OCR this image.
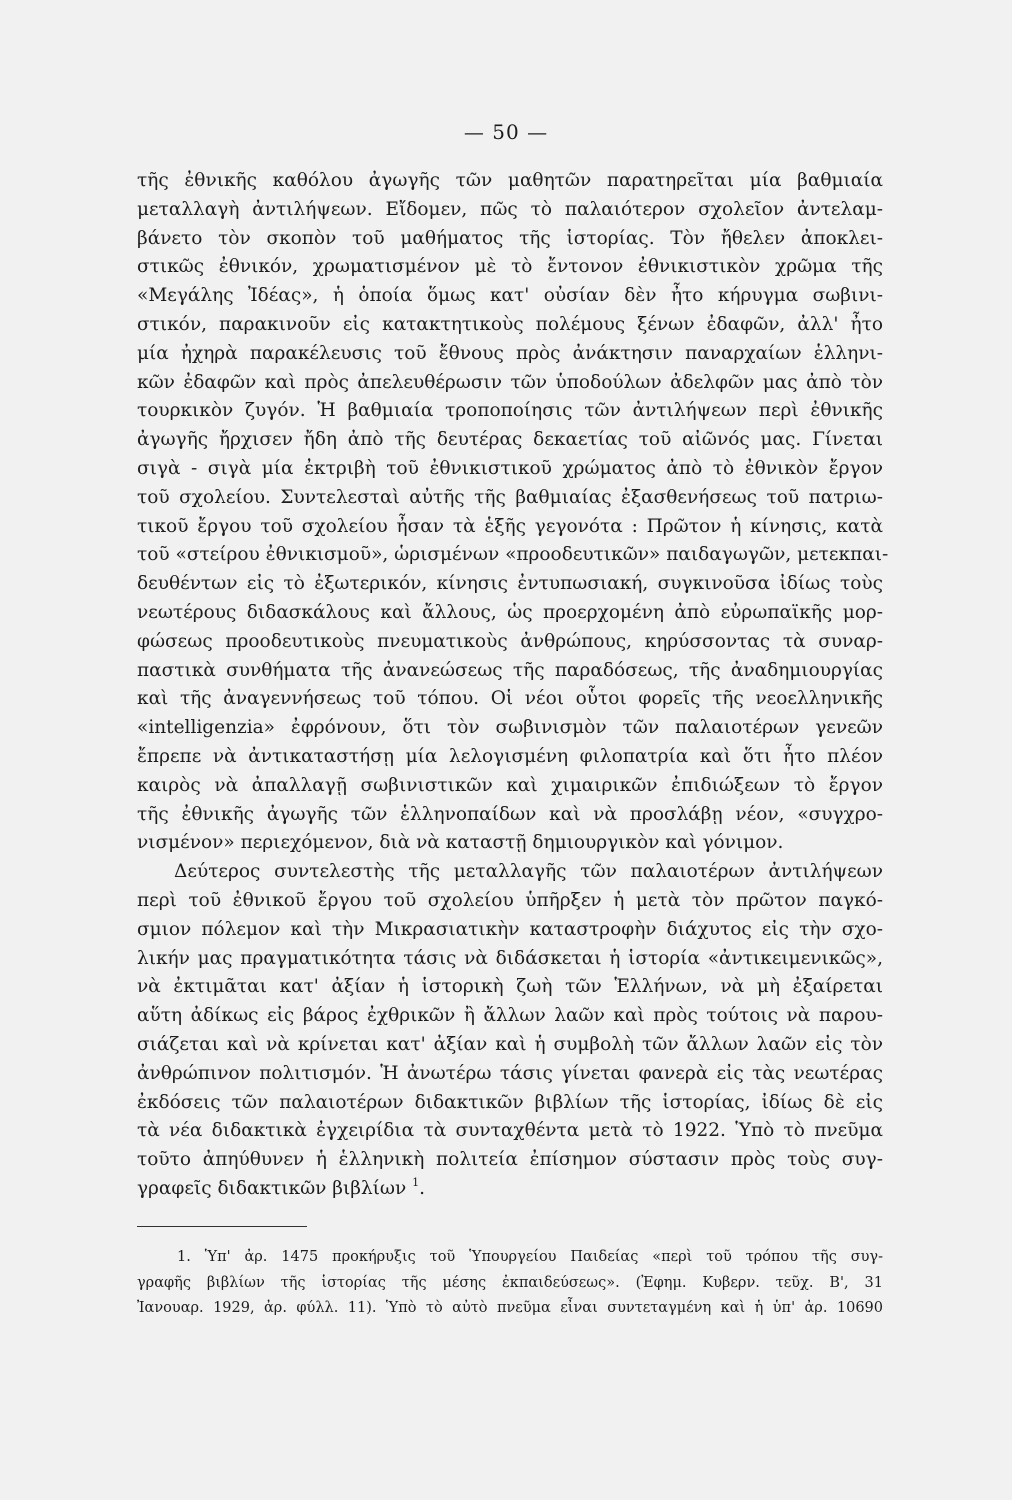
— 50 —
τῆς ἐθνικῆς καθόλου ἀγωγῆς τῶν μαθητῶν παρατηρεῖται μία βαθμιαία
μεταλλαγὴ ἀντιλήψεων. Εἴδομεν, πῶς τὸ παλαιότερον σχολεῖον ἀντελαμ-
βάνετο τὸν σκοπὸν τοῦ μαθήματος τῆς ἱστορίας. Τὸν ἤθελεν ἀποκλει-
στικῶς ἐθνικόν, χρωματισμένον μὲ τὸ ἔντονον ἐθνικιστικὸν χρῶμα τῆς
«Μεγάλης Ἰδέας», ἡ ὁποία ὅμως κατ' οὐσίαν δὲν ἦτο κήρυγμα σωβινι-
στικόν, παρακινοῦν εἰς κατακτητικοὺς πολέμους ξένων ἐδαφῶν, ἀλλ' ἦτο
μία ἠχηρὰ παρακέλευσις τοῦ ἔθνους πρὸς ἀνάκτησιν παναρχαίων ἑλληνι-
κῶν ἐδαφῶν καὶ πρὸς ἀπελευθέρωσιν τῶν ὑποδούλων ἀδελφῶν μας ἀπὸ τὸν
τουρκικὸν ζυγόν. Ἡ βαθμιαία τροποποίησις τῶν ἀντιλήψεων περὶ ἐθνικῆς
ἀγωγῆς ἤρχισεν ἤδη ἀπὸ τῆς δευτέρας δεκαετίας τοῦ αἰῶνός μας. Γίνεται
σιγὰ - σιγὰ μία ἐκτριβὴ τοῦ ἐθνικιστικοῦ χρώματος ἀπὸ τὸ ἐθνικὸν ἔργον
τοῦ σχολείου. Συντελεσταὶ αὐτῆς τῆς βαθμιαίας ἐξασθενήσεως τοῦ πατριω-
τικοῦ ἔργου τοῦ σχολείου ἦσαν τὰ ἑξῆς γεγονότα : Πρῶτον ἡ κίνησις, κατὰ
τοῦ «στείρου ἐθνικισμοῦ», ὡρισμένων «προοδευτικῶν» παιδαγωγῶν, μετεκπαι-
δευθέντων εἰς τὸ ἐξωτερικόν, κίνησις ἐντυπωσιακή, συγκινοῦσα ἰδίως τοὺς
νεωτέρους διδασκάλους καὶ ἄλλους, ὡς προερχομένη ἀπὸ εὐρωπαϊκῆς μορ-
φώσεως προοδευτικοὺς πνευματικοὺς ἀνθρώπους, κηρύσσοντας τὰ συναρ-
παστικὰ συνθήματα τῆς ἀνανεώσεως τῆς παραδόσεως, τῆς ἀναδημιουργίας
καὶ τῆς ἀναγεννήσεως τοῦ τόπου. Οἱ νέοι οὗτοι φορεῖς τῆς νεοελληνικῆς
«intelligenzia» ἐφρόνουν, ὅτι τὸν σωβινισμὸν τῶν παλαιοτέρων γενεῶν
ἔπρεπε νὰ ἀντικαταστήσῃ μία λελογισμένη φιλοπατρία καὶ ὅτι ἦτο πλέον
καιρὸς νὰ ἀπαλλαγῇ σωβινιστικῶν καὶ χιμαιρικῶν ἐπιδιώξεων τὸ ἔργον
τῆς ἐθνικῆς ἀγωγῆς τῶν ἑλληνοπαίδων καὶ νὰ προσλάβῃ νέον, «συγχρο-
νισμένον» περιεχόμενον, διὰ νὰ καταστῇ δημιουργικὸν καὶ γόνιμον.
Δεύτερος συντελεστὴς τῆς μεταλλαγῆς τῶν παλαιοτέρων ἀντιλήψεων
περὶ τοῦ ἐθνικοῦ ἔργου τοῦ σχολείου ὑπῆρξεν ἡ μετὰ τὸν πρῶτον παγκό-
σμιον πόλεμον καὶ τὴν Μικρασιατικὴν καταστροφὴν διάχυτος εἰς τὴν σχο-
λικήν μας πραγματικότητα τάσις νὰ διδάσκεται ἡ ἱστορία «ἀντικειμενικῶς»,
νὰ ἐκτιμᾶται κατ' ἀξίαν ἡ ἱστορικὴ ζωὴ τῶν Ἑλλήνων, νὰ μὴ ἐξαίρεται
αὕτη ἀδίκως εἰς βάρος ἐχθρικῶν ἢ ἄλλων λαῶν καὶ πρὸς τούτοις νὰ παρου-
σιάζεται καὶ νὰ κρίνεται κατ' ἀξίαν καὶ ἡ συμβολὴ τῶν ἄλλων λαῶν εἰς τὸν
ἀνθρώπινον πολιτισμόν. Ἡ ἀνωτέρω τάσις γίνεται φανερὰ εἰς τὰς νεωτέρας
ἐκδόσεις τῶν παλαιοτέρων διδακτικῶν βιβλίων τῆς ἱστορίας, ἰδίως δὲ εἰς
τὰ νέα διδακτικὰ ἐγχειρίδια τὰ συνταχθέντα μετὰ τὸ 1922. Ὑπὸ τὸ πνεῦμα
τοῦτο ἀπηύθυνεν ἡ ἑλληνικὴ πολιτεία ἐπίσημον σύστασιν πρὸς τοὺς συγ-
γραφεῖς διδακτικῶν βιβλίων $^1$.
1. Ὑπ' ἀρ. 1475 προκήρυξις τοῦ Ὑπουργείου Παιδείας «περὶ τοῦ τρόπου τῆς συγ-
γραφῆς βιβλίων τῆς ἱστορίας τῆς μέσης ἐκπαιδεύσεως». (Ἐφημ. Κυβερν. τεῦχ. Β', 31
Ἰανουαρ. 1929, ἀρ. φύλλ. 11). Ὑπὸ τὸ αὐτὸ πνεῦμα εἶναι συντεταγμένη καὶ ἡ ὑπ' ἀρ. 10690
